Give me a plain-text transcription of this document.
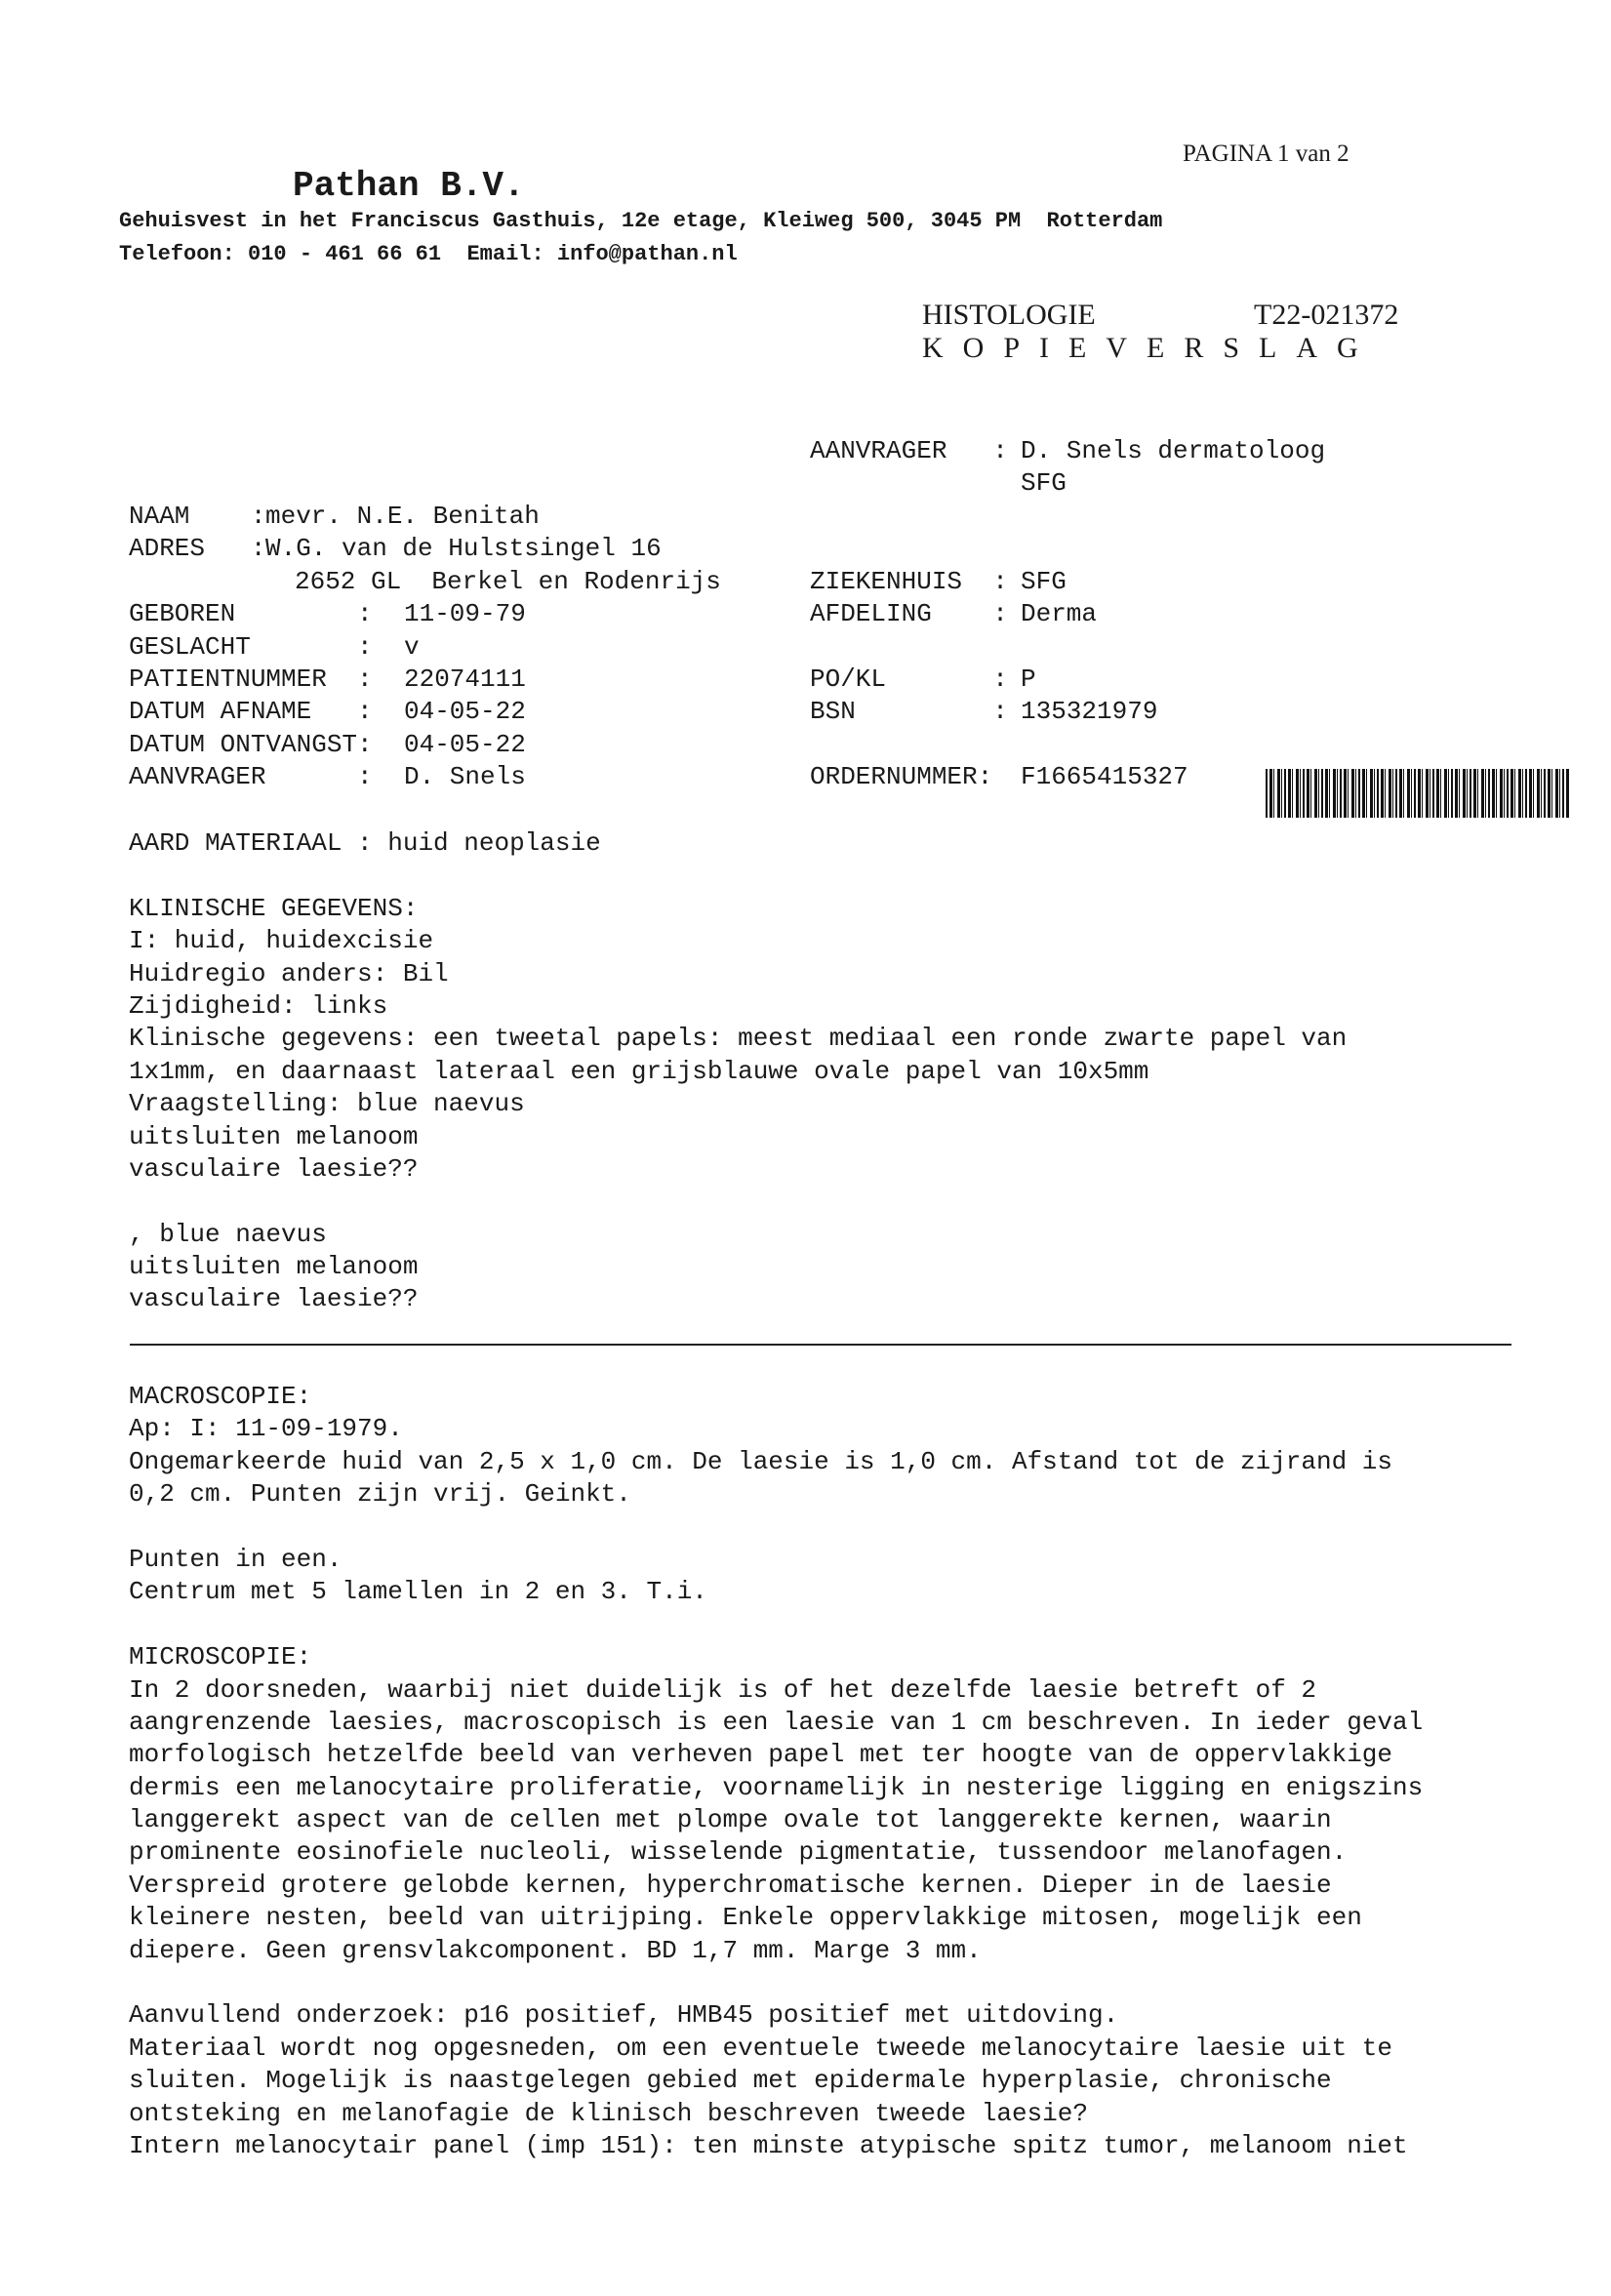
PAGINA 1 van 2
Pathan B.V.
Gehuisvest in het Franciscus Gasthuis, 12e etage, Kleiweg 500, 3045 PM  Rotterdam
Telefoon: 010 - 461 66 61  Email: info@pathan.nl
HISTOLOGIE	T22-021372
KOPIEVERSLAG

NAAM    :

mevr. N.E. Benitah

ADRES   :

W.G. van de Hulstsingel 16

2652 GL  Berkel en Rodenrijs

GEBOREN        :

11-09-79

GESLACHT       :

v

PATIENTNUMMER  :

22074111

DATUM AFNAME   :

04-05-22

DATUM ONTVANGST:

04-05-22

AANVRAGER      :

D. Snels

AANVRAGER   :

D. Snels dermatoloog

SFG

ZIEKENHUIS  :

SFG

AFDELING    :

Derma

PO/KL       :

P

BSN         :

135321979

ORDERNUMMER:

F1665415327

AARD MATERIAAL : huid neoplasie
KLINISCHE GEGEVENS:
I: huid, huidexcisie
Huidregio anders: Bil
Zijdigheid: links
Klinische gegevens: een tweetal papels: meest mediaal een ronde zwarte papel van
1x1mm, en daarnaast lateraal een grijsblauwe ovale papel van 10x5mm
Vraagstelling: blue naevus
uitsluiten melanoom
vasculaire laesie??
, blue naevus
uitsluiten melanoom
vasculaire laesie??
MACROSCOPIE:
Ap: I: 11-09-1979.
Ongemarkeerde huid van 2,5 x 1,0 cm. De laesie is 1,0 cm. Afstand tot de zijrand is
0,2 cm. Punten zijn vrij. Geinkt.
Punten in een.
Centrum met 5 lamellen in 2 en 3. T.i.
MICROSCOPIE:
In 2 doorsneden, waarbij niet duidelijk is of het dezelfde laesie betreft of 2
aangrenzende laesies, macroscopisch is een laesie van 1 cm beschreven. In ieder geval
morfologisch hetzelfde beeld van verheven papel met ter hoogte van de oppervlakkige
dermis een melanocytaire proliferatie, voornamelijk in nesterige ligging en enigszins
langgerekt aspect van de cellen met plompe ovale tot langgerekte kernen, waarin
prominente eosinofiele nucleoli, wisselende pigmentatie, tussendoor melanofagen.
Verspreid grotere gelobde kernen, hyperchromatische kernen. Dieper in de laesie
kleinere nesten, beeld van uitrijping. Enkele oppervlakkige mitosen, mogelijk een
diepere. Geen grensvlakcomponent. BD 1,7 mm. Marge 3 mm.
Aanvullend onderzoek: p16 positief, HMB45 positief met uitdoving.
Materiaal wordt nog opgesneden, om een eventuele tweede melanocytaire laesie uit te
sluiten. Mogelijk is naastgelegen gebied met epidermale hyperplasie, chronische
ontsteking en melanofagie de klinisch beschreven tweede laesie?
Intern melanocytair panel (imp 151): ten minste atypische spitz tumor, melanoom niet
